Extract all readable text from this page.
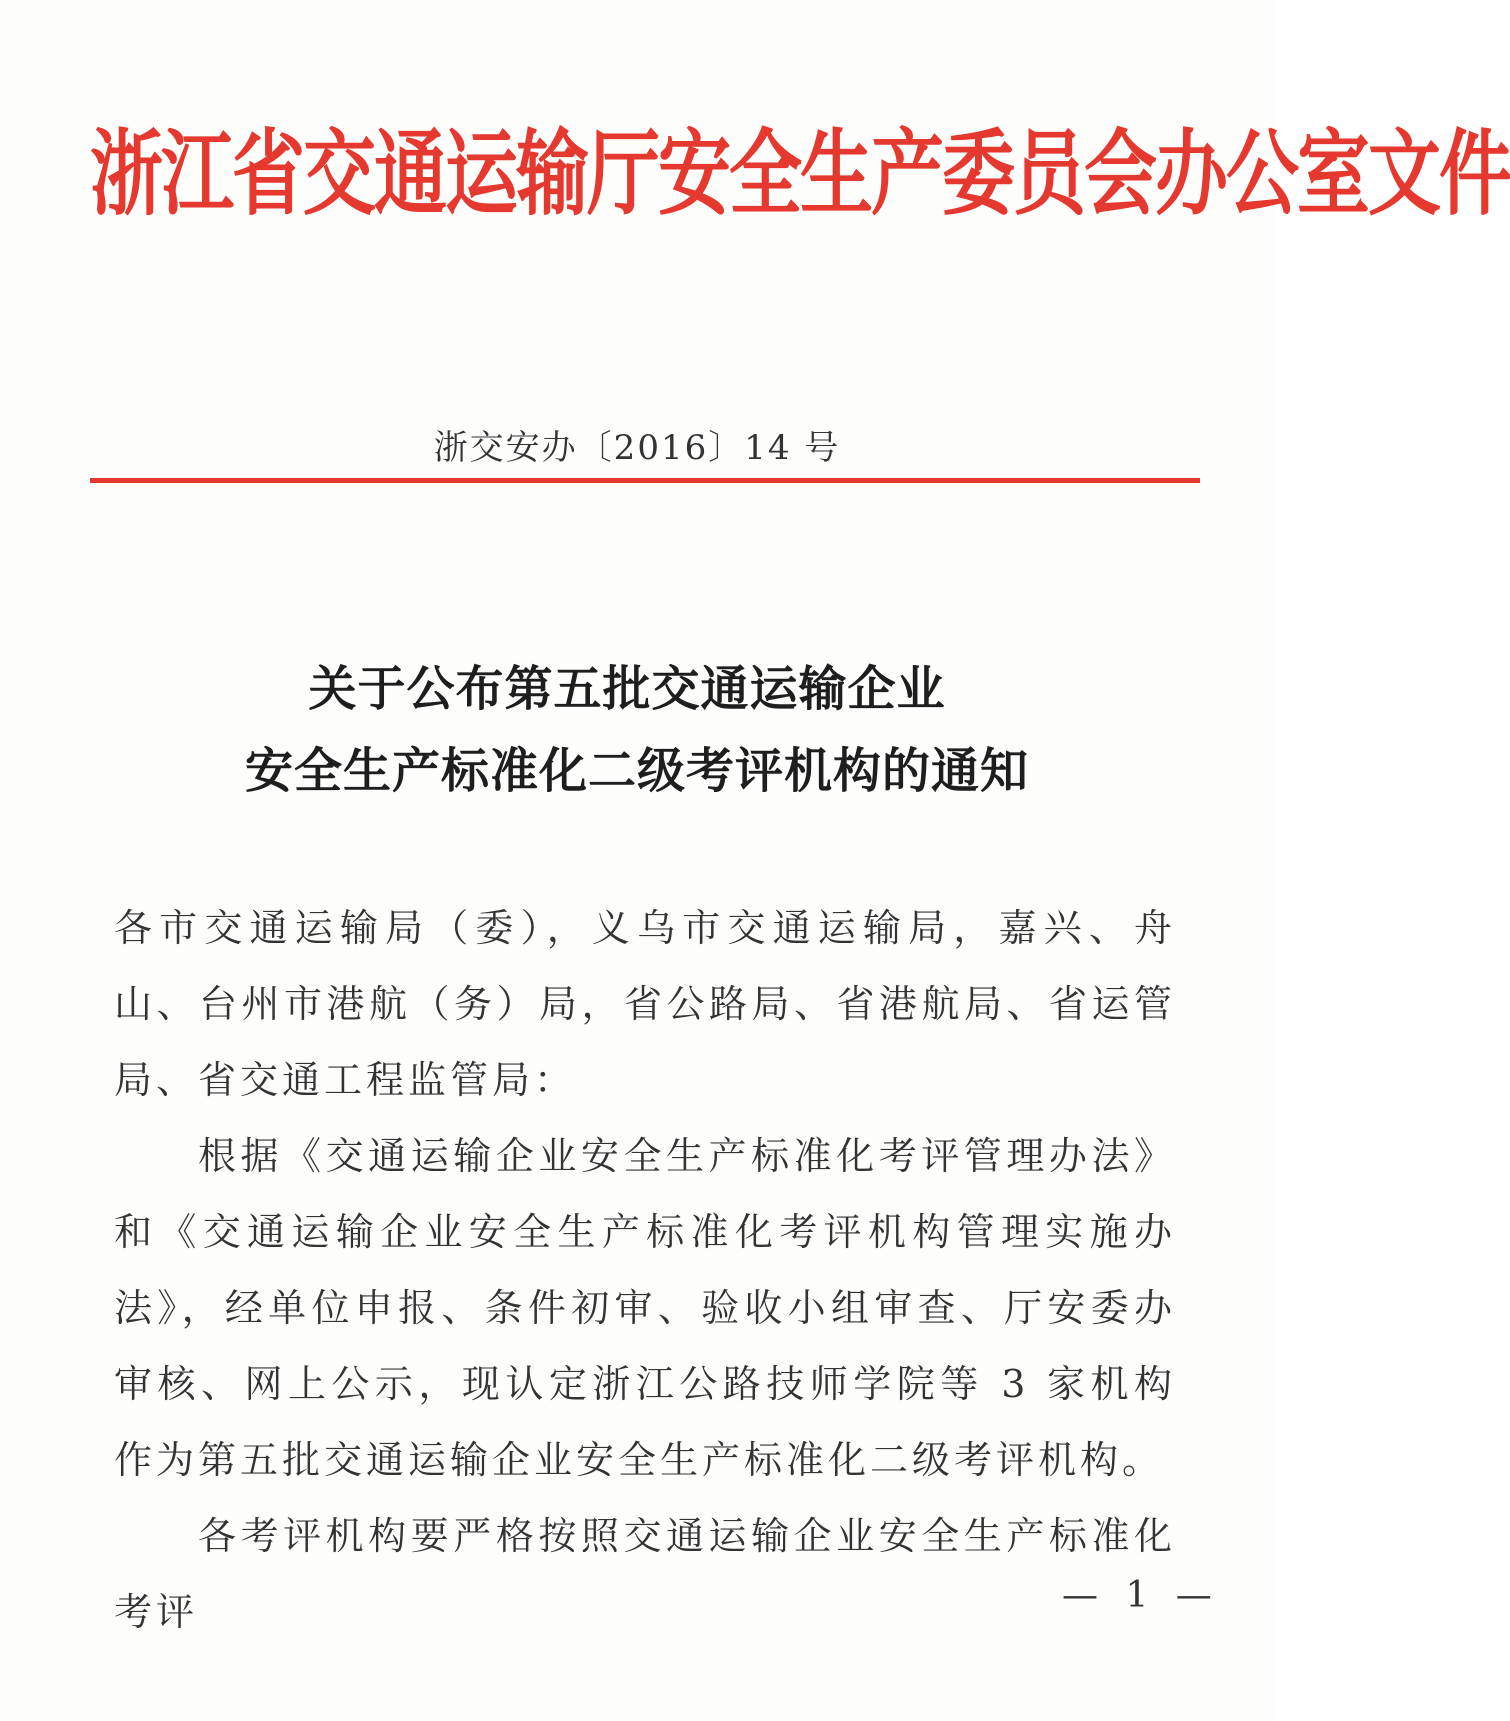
浙江省交通运输厅安全生产委员会办公室文件
浙交安办〔2016〕14 号
关于公布第五批交通运输企业
安全生产标准化二级考评机构的通知

各市交通运输局（委），义乌市交通运输局，嘉兴、舟山、台州市港航（务）局，省公路局、省港航局、省运管局、省交通工程监管局：

根据《交通运输企业安全生产标准化考评管理办法》和《交通运输企业安全生产标准化考评机构管理实施办法》，经单位申报、条件初审、验收小组审查、厅安委办审核、网上公示，现认定浙江公路技师学院等 3 家机构作为第五批交通运输企业安全生产标准化二级考评机构。

各考评机构要严格按照交通运输企业安全生产标准化考评	— 1 —
